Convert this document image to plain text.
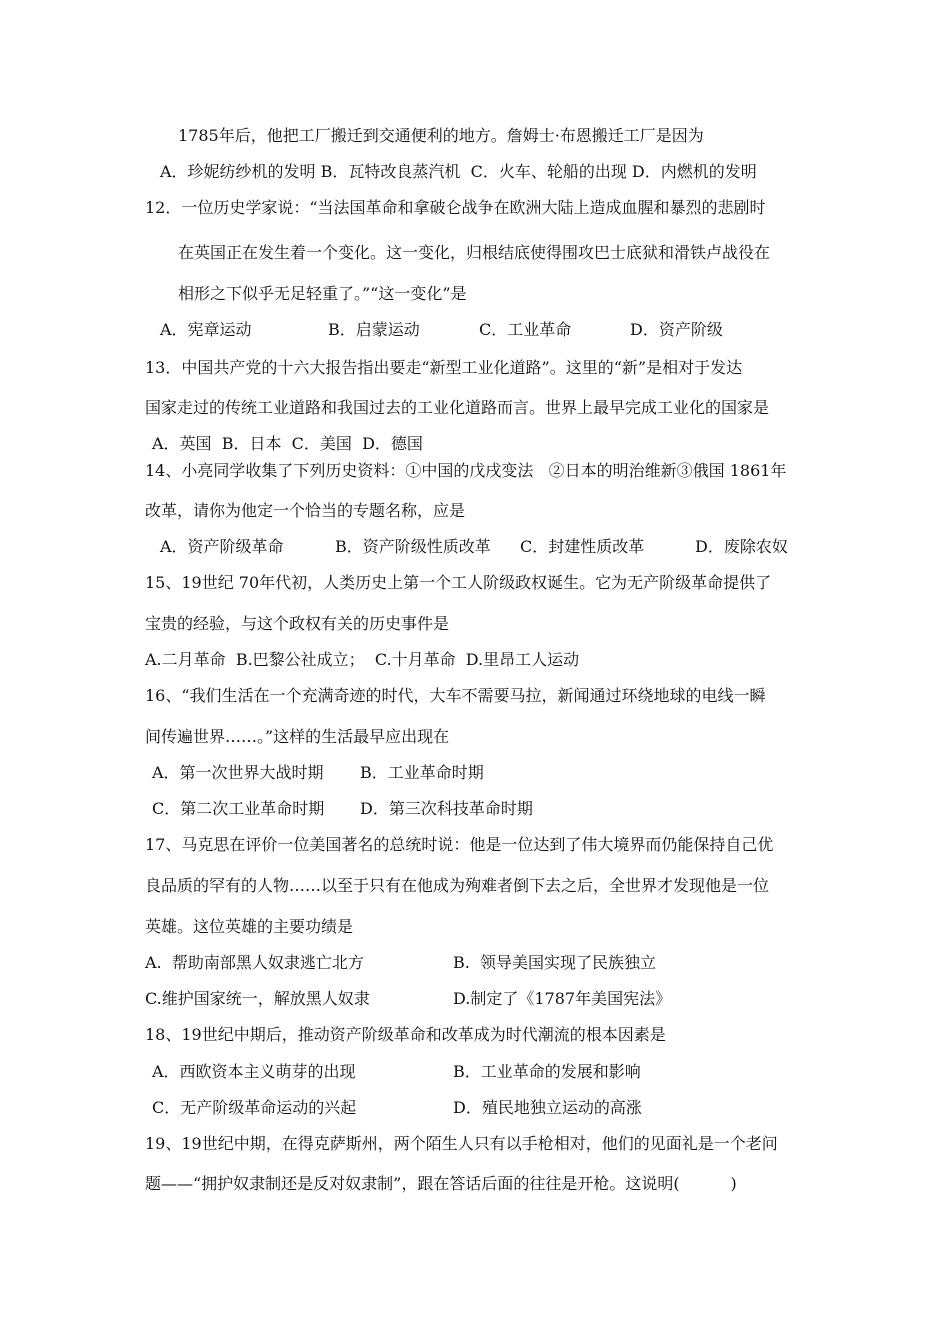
1785年后，他把工厂搬迁到交通便利的地方。詹姆士·布恩搬迁工厂是因为
A．珍妮纺纱机的发明 B．瓦特改良蒸汽机  C．火车、轮船的出现 D．内燃机的发明
12．一位历史学家说：“当法国革命和拿破仑战争在欧洲大陆上造成血腥和暴烈的悲剧时
在英国正在发生着一个变化。这一变化，归根结底使得围攻巴士底狱和滑铁卢战役在
相形之下似乎无足轻重了。”“这一变化”是
A．宪章运动	B．启蒙运动	C．工业革命	D．资产阶级
13．中国共产党的十六大报告指出要走“新型工业化道路”。这里的“新”是相对于发达
国家走过的传统工业道路和我国过去的工业化道路而言。世界上最早完成工业化的国家是
A．英国  B．日本  C．美国  D．德国
14、小亮同学收集了下列历史资料：①中国的戊戌变法   ②日本的明治维新③俄国 1861年
改革，请你为他定一个恰当的专题名称，应是
A．资产阶级革命	B．资产阶级性质改革 C．封建性质改革	D．废除农奴
15、19世纪 70年代初，人类历史上第一个工人阶级政权诞生。它为无产阶级革命提供了
宝贵的经验，与这个政权有关的历史事件是
A.二月革命  B.巴黎公社成立；  C.十月革命  D.里昂工人运动
16、“我们生活在一个充满奇迹的时代，大车不需要马拉，新闻通过环绕地球的电线一瞬
间传遍世界……。”这样的生活最早应出现在
A．第一次世界大战时期 B．工业革命时期
C．第二次工业革命时期 D．第三次科技革命时期
17、马克思在评价一位美国著名的总统时说：他是一位达到了伟大境界而仍能保持自己优
良品质的罕有的人物……以至于只有在他成为殉难者倒下去之后，全世界才发现他是一位
英雄。这位英雄的主要功绩是
A.  帮助南部黑人奴隶逃亡北方	B.  领导美国实现了民族独立
C.维护国家统一，解放黑人奴隶	D.制定了《1787年美国宪法》
18、19世纪中期后，推动资产阶级革命和改革成为时代潮流的根本因素是
A．西欧资本主义萌芽的出现	B．工业革命的发展和影响
C．无产阶级革命运动的兴起	D．殖民地独立运动的高涨
19、19世纪中期，在得克萨斯州，两个陌生人只有以手枪相对，他们的见面礼是一个老问
题——“拥护奴隶制还是反对奴隶制”，跟在答话后面的往往是开枪。这说明(          )
